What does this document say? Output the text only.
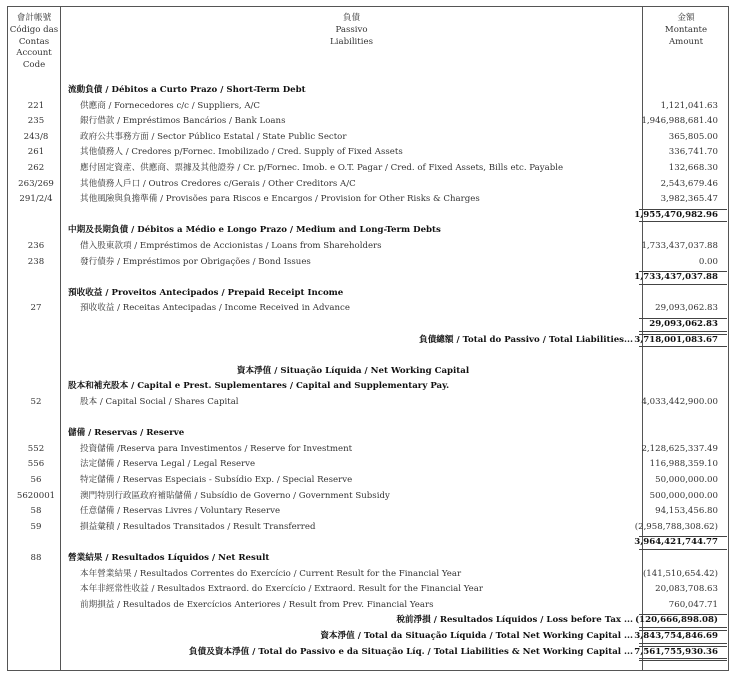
會計帳號
Código das
Contas
Account
Code
負債
Passivo
Liabilities
金額
Montante
Amount
流動負債 / Débitos a Curto Prazo / Short-Term Debt
221	供應商 / Fornecedores c/c / Suppliers, A/C	1,121,041.63
235	銀行借款 / Empréstimos Bancários / Bank Loans	1,946,988,681.40
243/8	政府公共事務方面 / Sector Público Estatal / State Public Sector	365,805.00
261	其他債務人 / Credores p/Fornec. Imobilizado / Cred. Supply of Fixed Assets	336,741.70
262	應付固定資產、供應商、票據及其他證券 / Cr. p/Fornec. Imob. e O.T. Pagar / Cred. of Fixed Assets, Bills etc. Payable	132,668.30
263/269	其他債務人戶口 / Outros Credores c/Gerais / Other Creditors A/C	2,543,679.46
291/2/4	其他風險與負擔準備 / Provisões para Riscos e Encargos / Provision for Other Risks & Charges	3,982,365.47
1,955,470,982.96
中期及長期負債 / Débitos a Médio e Longo Prazo / Medium and Long-Term Debts
236	借入股東款項 / Empréstimos de Accionistas / Loans from Shareholders	1,733,437,037.88
238	發行債券 / Empréstimos por Obrigações / Bond Issues	0.00
1,733,437,037.88
預收收益 / Proveitos Antecipados / Prepaid Receipt Income
27	預收收益 / Receitas Antecipadas / Income Received in Advance	29,093,062.83
29,093,062.83
負債總額 / Total do Passivo / Total Liabilities... 3,718,001,083.67
資本淨值 / Situação Líquida / Net Working Capital
股本和補充股本 / Capital e Prest. Suplementares / Capital and Supplementary Pay.
52	股本 / Capital Social / Shares Capital	4,033,442,900.00
儲備 / Reservas / Reserve
552	投資儲備 /Reserva para Investimentos / Reserve for Investment	2,128,625,337.49
556	法定儲備 / Reserva Legal / Legal Reserve	116,988,359.10
56	特定儲備 / Reservas Especiais - Subsídio Exp. / Special Reserve	50,000,000.00
5620001	澳門特別行政區政府補貼儲備 / Subsídio de Governo / Government Subsidy	500,000,000.00
58	任意儲備 / Reservas Livres / Voluntary Reserve	94,153,456.80
59	損益彙積 / Resultados Transitados / Result Transferred	(2,958,788,308.62)
3,964,421,744.77
88	營業結果 / Resultados Líquidos / Net Result
本年營業結果 / Resultados Correntes do Exercício / Current Result for the Financial Year	(141,510,654.42)
本年非經常性收益 / Resultados Extraord. do Exercício / Extraord. Result for the Financial Year	20,083,708.63
前期損益 / Resultados de Exercícios Anteriores / Result from Prev. Financial Years	760,047.71
稅前淨損 / Resultados Líquidos / Loss before Tax ... (120,666,898.08)
資本淨值 / Total da Situação Líquida / Total Net Working Capital ... 3,843,754,846.69
負債及資本淨值 / Total do Passivo e da Situação Líq. / Total Liabilities & Net Working Capital ... 7,561,755,930.36
